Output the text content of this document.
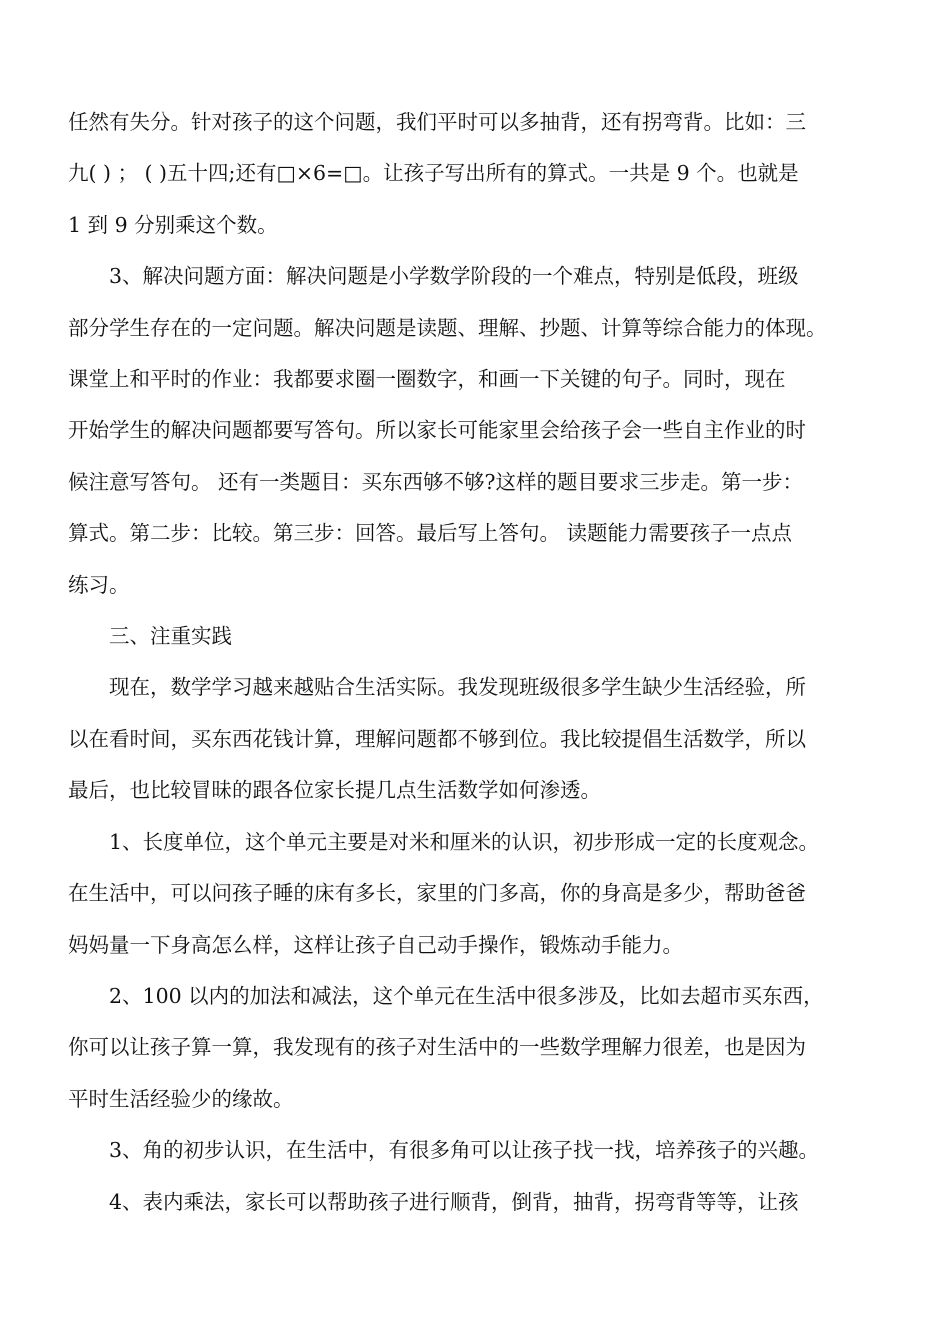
任然有失分。针对孩子的这个问题，我们平时可以多抽背，还有拐弯背。比如：三
九( ) ； ( )五十四;还有□×6=□。让孩子写出所有的算式。一共是 9 个。也就是
1 到 9 分别乘这个数。

3、解决问题方面：解决问题是小学数学阶段的一个难点，特别是低段，班级
部分学生存在的一定问题。解决问题是读题、理解、抄题、计算等综合能力的体现。
课堂上和平时的作业：我都要求圈一圈数字，和画一下关键的句子。同时，现在
开始学生的解决问题都要写答句。所以家长可能家里会给孩子会一些自主作业的时
候注意写答句。 还有一类题目：买东西够不够?这样的题目要求三步走。第一步：
算式。第二步：比较。第三步：回答。最后写上答句。 读题能力需要孩子一点点
练习。

三、注重实践

现在，数学学习越来越贴合生活实际。我发现班级很多学生缺少生活经验，所
以在看时间，买东西花钱计算，理解问题都不够到位。我比较提倡生活数学，所以
最后，也比较冒昧的跟各位家长提几点生活数学如何渗透。

1、长度单位，这个单元主要是对米和厘米的认识，初步形成一定的长度观念。
在生活中，可以问孩子睡的床有多长，家里的门多高，你的身高是多少，帮助爸爸
妈妈量一下身高怎么样，这样让孩子自己动手操作，锻炼动手能力。

2、100 以内的加法和减法，这个单元在生活中很多涉及，比如去超市买东西，
你可以让孩子算一算，我发现有的孩子对生活中的一些数学理解力很差，也是因为
平时生活经验少的缘故。

3、角的初步认识，在生活中，有很多角可以让孩子找一找，培养孩子的兴趣。

4、表内乘法，家长可以帮助孩子进行顺背，倒背，抽背，拐弯背等等，让孩
